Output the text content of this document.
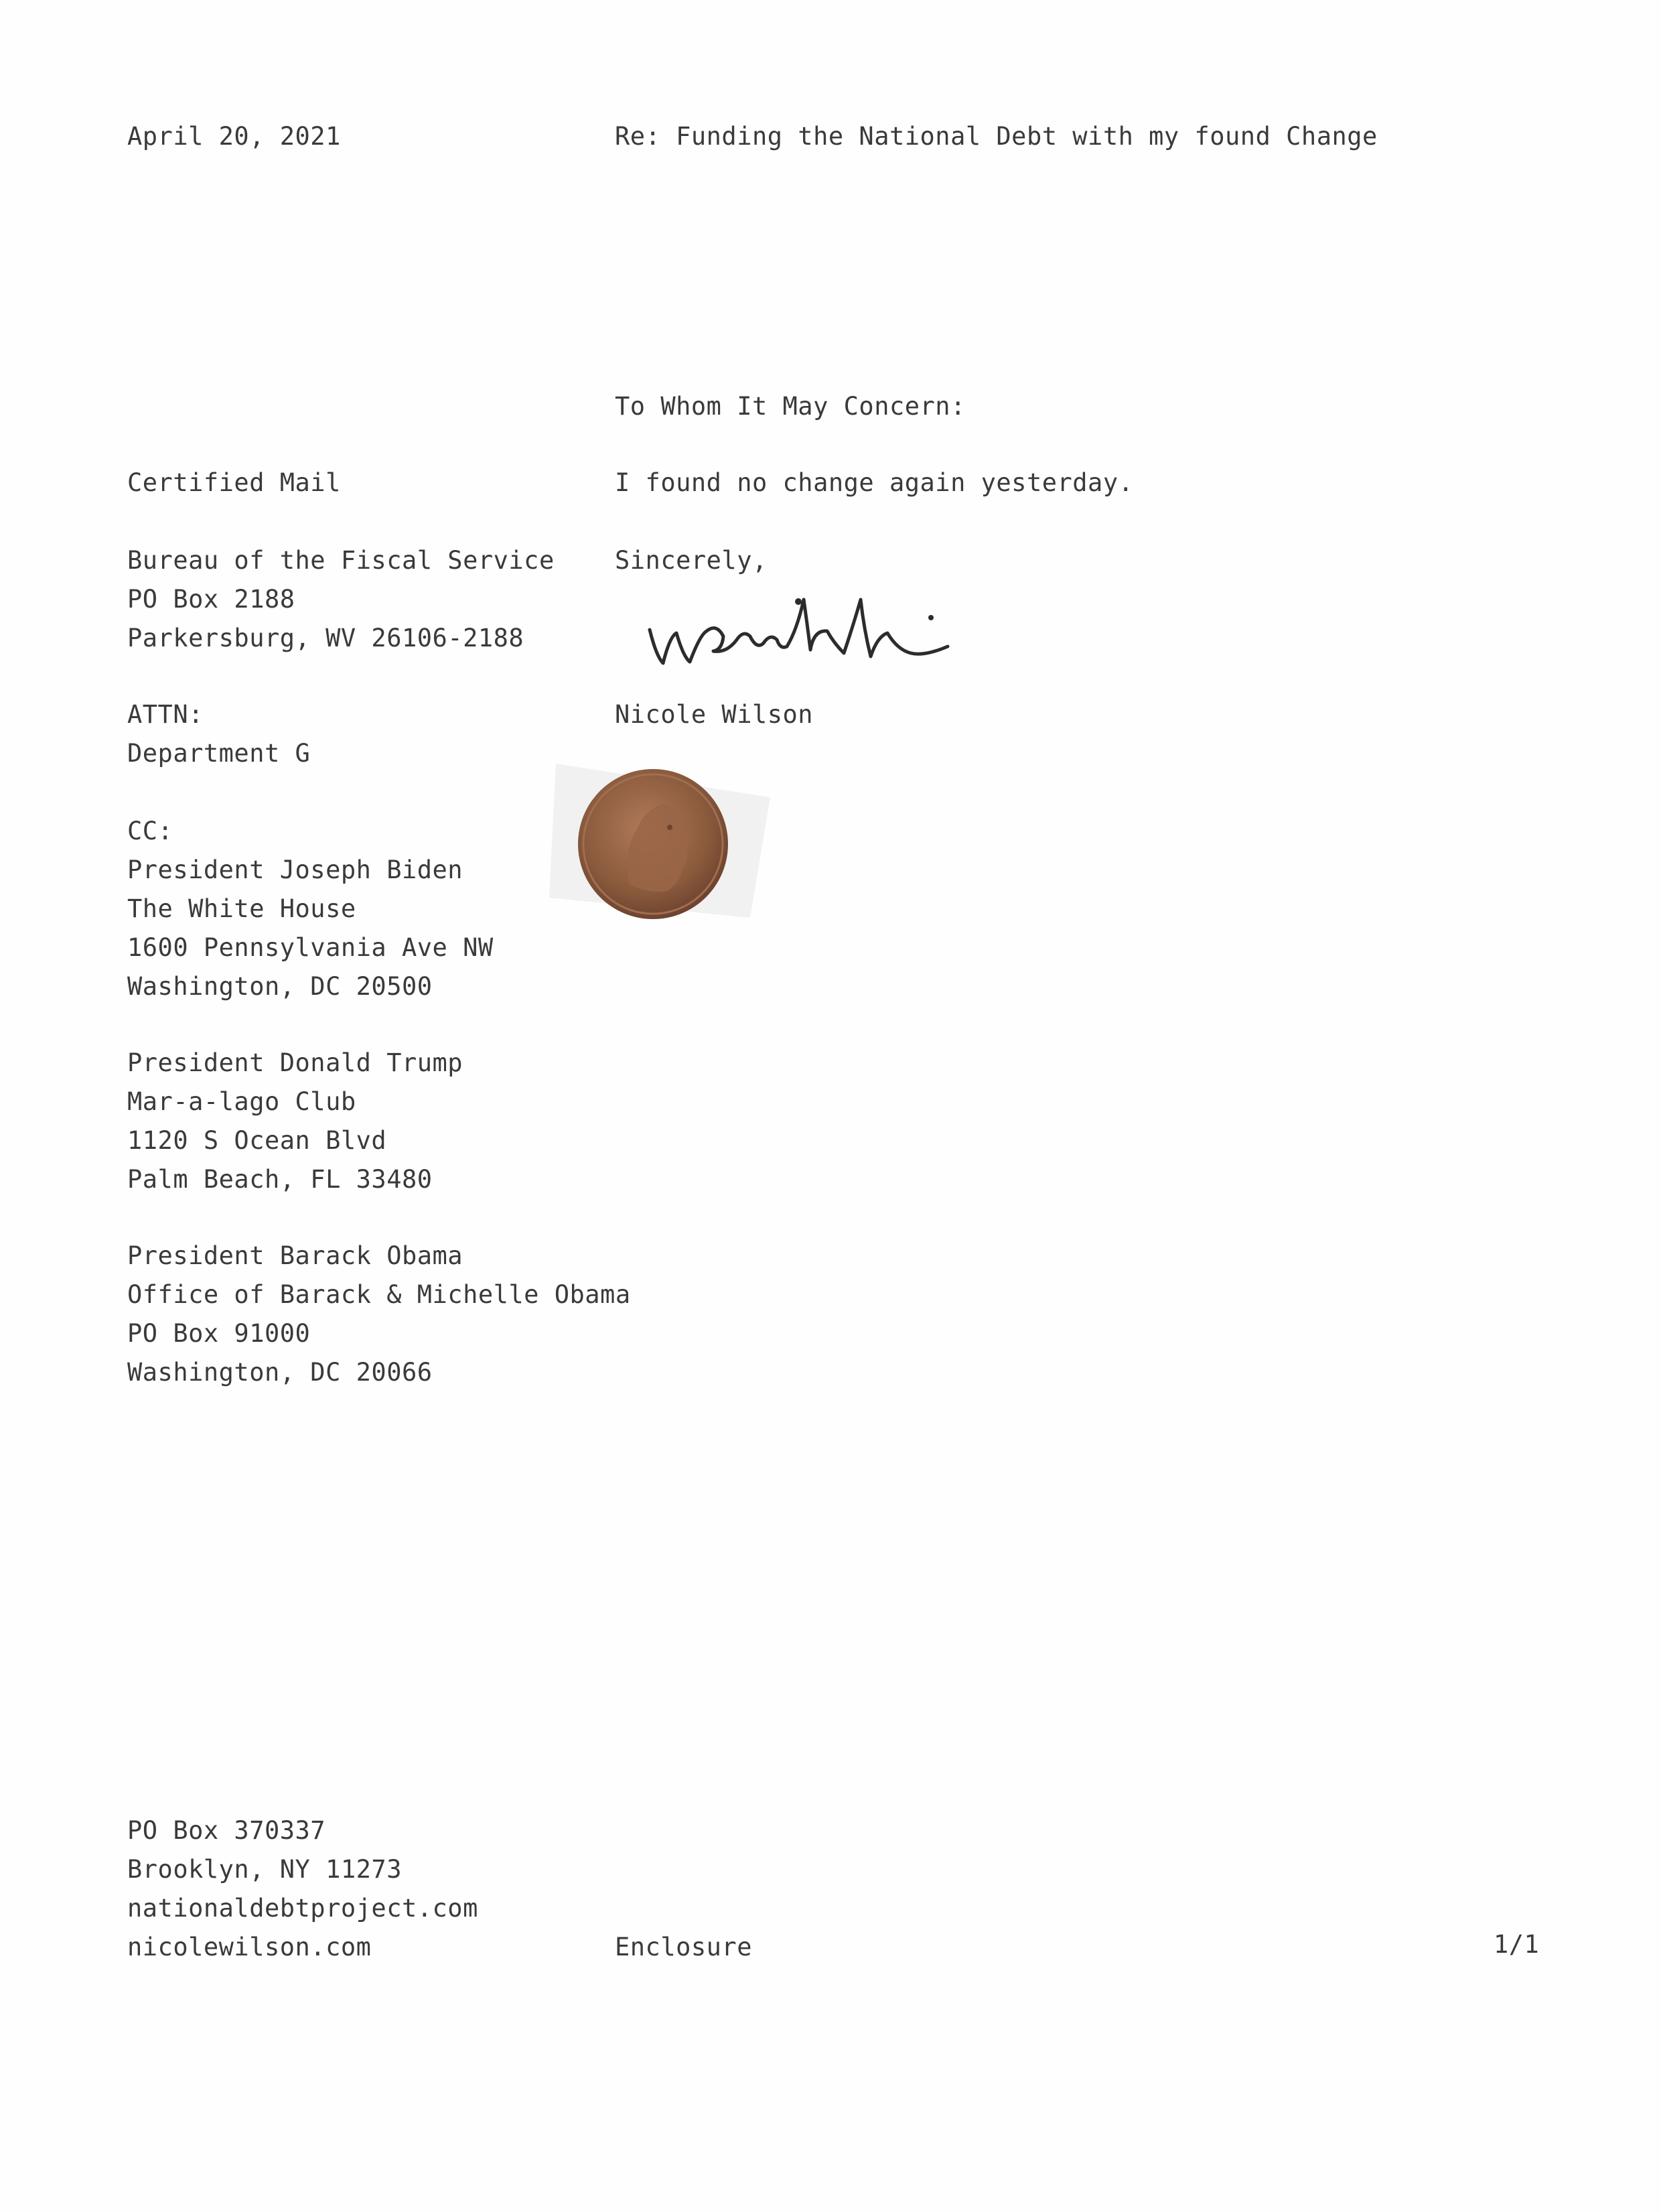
April 20, 2021	Re: Funding the National Debt with my found Change
To Whom It May Concern:
I found no change again yesterday.
Sincerely,
Nicole Wilson
Certified Mail
Bureau of the Fiscal Service
PO Box 2188
Parkersburg, WV 26106-2188
ATTN:
Department G
CC:
President Joseph Biden
The White House
1600 Pennsylvania Ave NW
Washington, DC 20500
President Donald Trump
Mar-a-lago Club
1120 S Ocean Blvd
Palm Beach, FL 33480
President Barack Obama
Office of Barack & Michelle Obama
PO Box 91000
Washington, DC 20066
PO Box 370337
Brooklyn, NY 11273
nationaldebtproject.com
nicolewilson.com	Enclosure	1/1
